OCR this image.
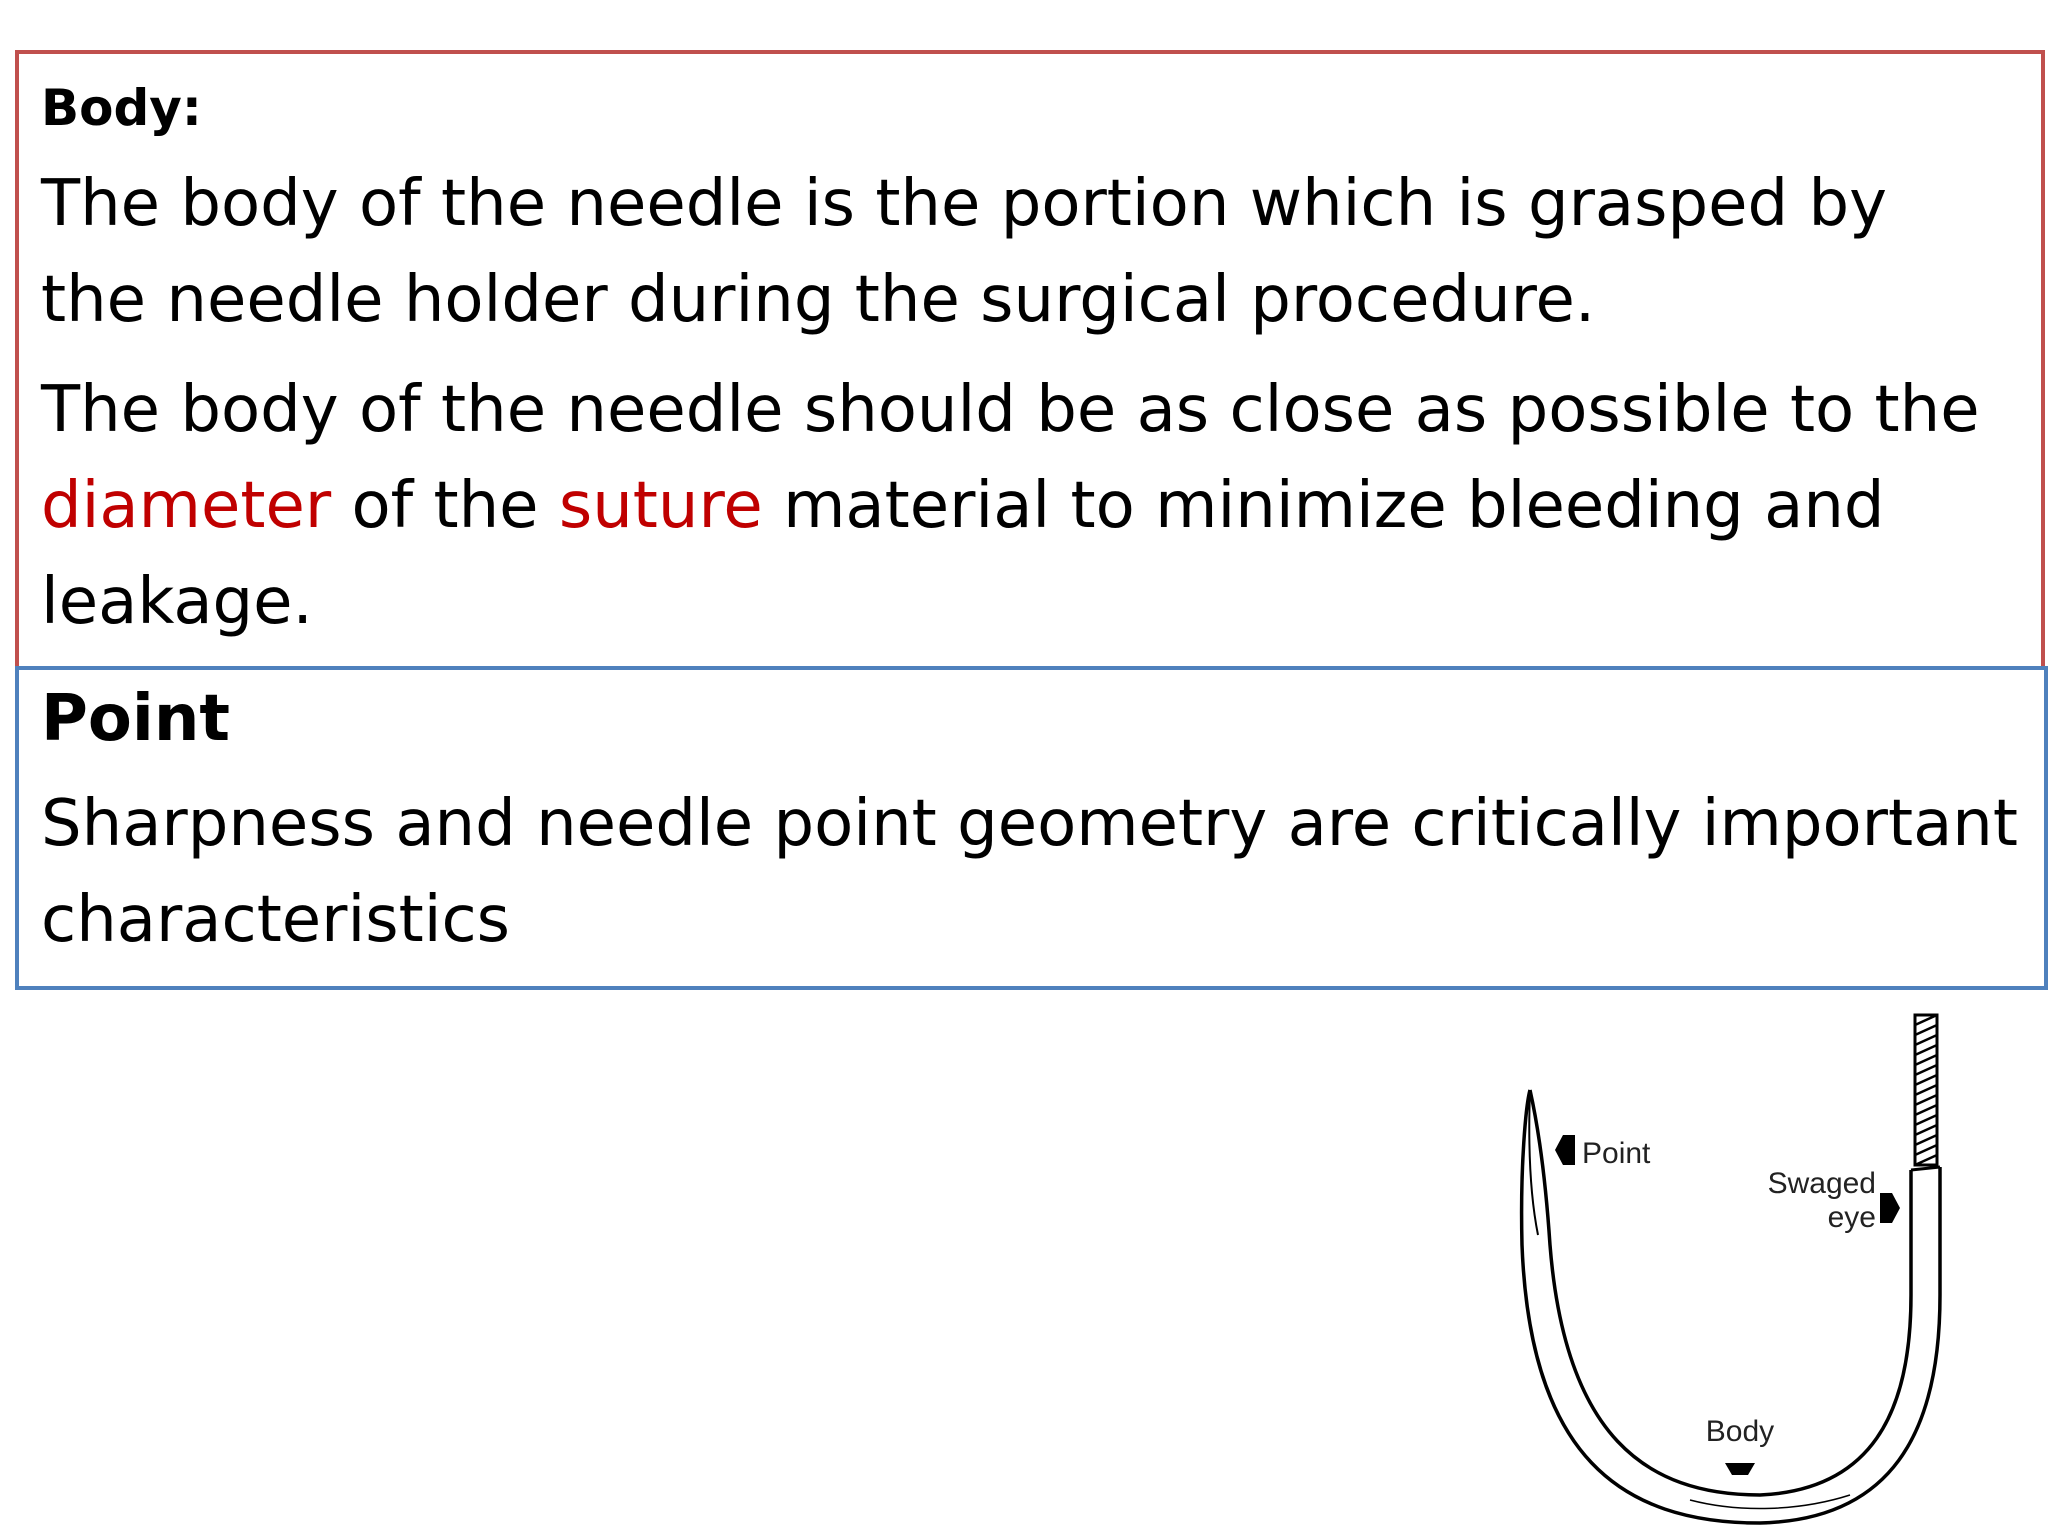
Body:
The body of the needle is the portion which is grasped by
the needle holder during the surgical procedure.
The body of the needle should be as close as possible to the
diameter of the suture material to minimize bleeding and
leakage.
Point
Sharpness and needle point geometry are critically important
characteristics
Point
Swaged
eye
Body
